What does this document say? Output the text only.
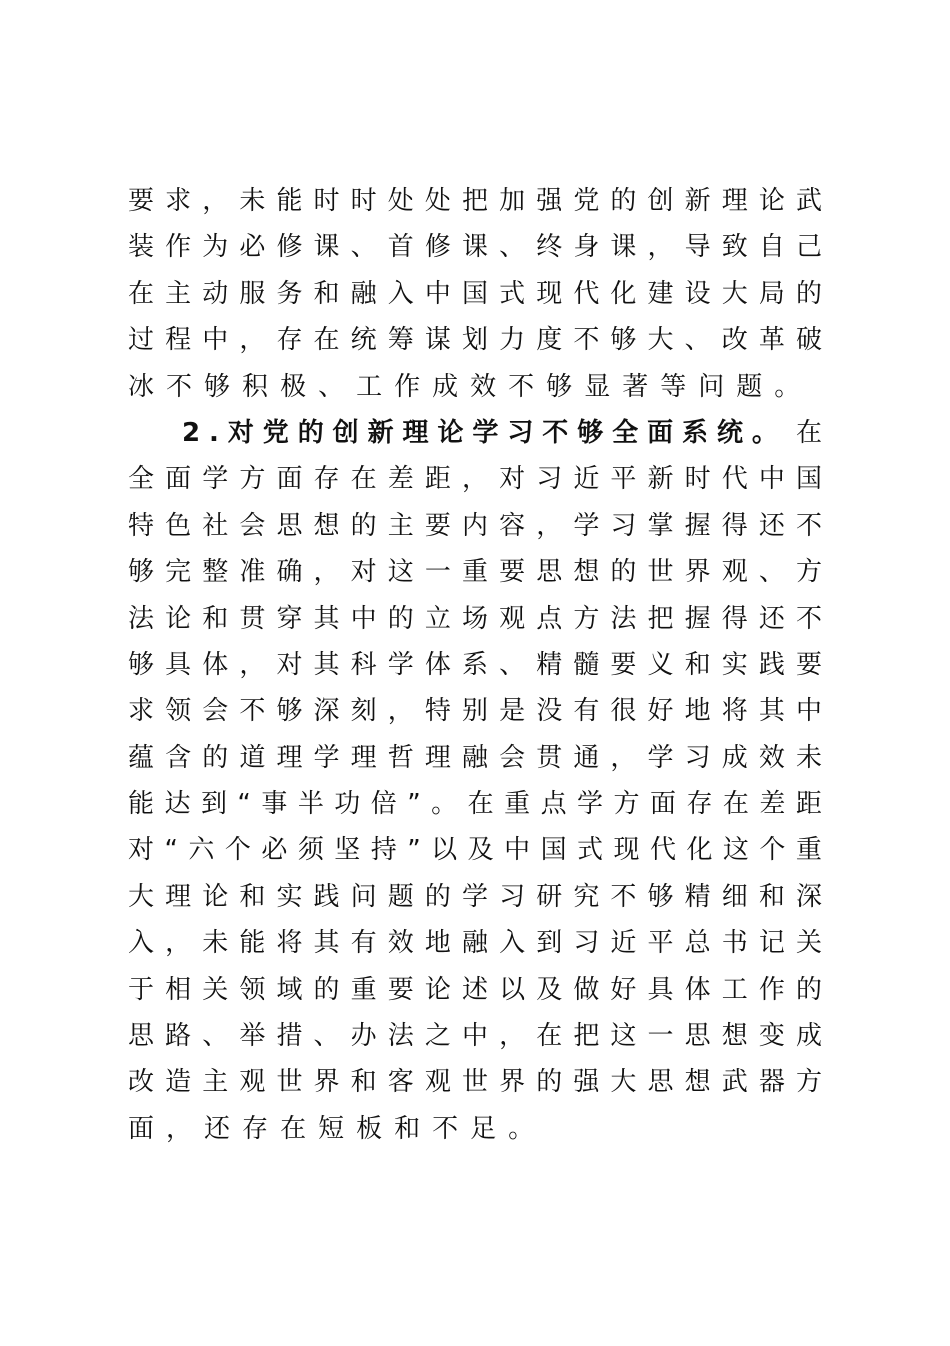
要 求 ， 未 能 时 时 处 处 把 加 强 党 的 创 新 理 论 武
装 作 为 必 修 课 、 首 修 课 、 终 身 课 ， 导 致 自 己
在 主 动 服 务 和 融 入 中 国 式 现 代 化 建 设 大 局 的
过 程 中 ， 存 在 统 筹 谋 划 力 度 不 够 大 、 改 革 破
冰 不 够 积 极 、 工 作 成 效 不 够 显 著 等 问 题 。
2 . 对 党 的 创 新 理 论 学 习 不 够 全 面 系 统 。 在
全 面 学 方 面 存 在 差 距 ， 对 习 近 平 新 时 代 中 国
特 色 社 会 思 想 的 主 要 内 容 ， 学 习 掌 握 得 还 不
够 完 整 准 确 ， 对 这 一 重 要 思 想 的 世 界 观 、 方
法 论 和 贯 穿 其 中 的 立 场 观 点 方 法 把 握 得 还 不
够 具 体 ， 对 其 科 学 体 系 、 精 髓 要 义 和 实 践 要
求 领 会 不 够 深 刻 ， 特 别 是 没 有 很 好 地 将 其 中
蕴 含 的 道 理 学 理 哲 理 融 会 贯 通 ， 学 习 成 效 未
能 达 到 “ 事 半 功 倍 ” 。 在 重 点 学 方 面 存 在 差 距
对 “ 六 个 必 须 坚 持 ” 以 及 中 国 式 现 代 化 这 个 重
大 理 论 和 实 践 问 题 的 学 习 研 究 不 够 精 细 和 深
入 ， 未 能 将 其 有 效 地 融 入 到 习 近 平 总 书 记 关
于 相 关 领 域 的 重 要 论 述 以 及 做 好 具 体 工 作 的
思 路 、 举 措 、 办 法 之 中 ， 在 把 这 一 思 想 变 成
改 造 主 观 世 界 和 客 观 世 界 的 强 大 思 想 武 器 方
面 ， 还 存 在 短 板 和 不 足 。
